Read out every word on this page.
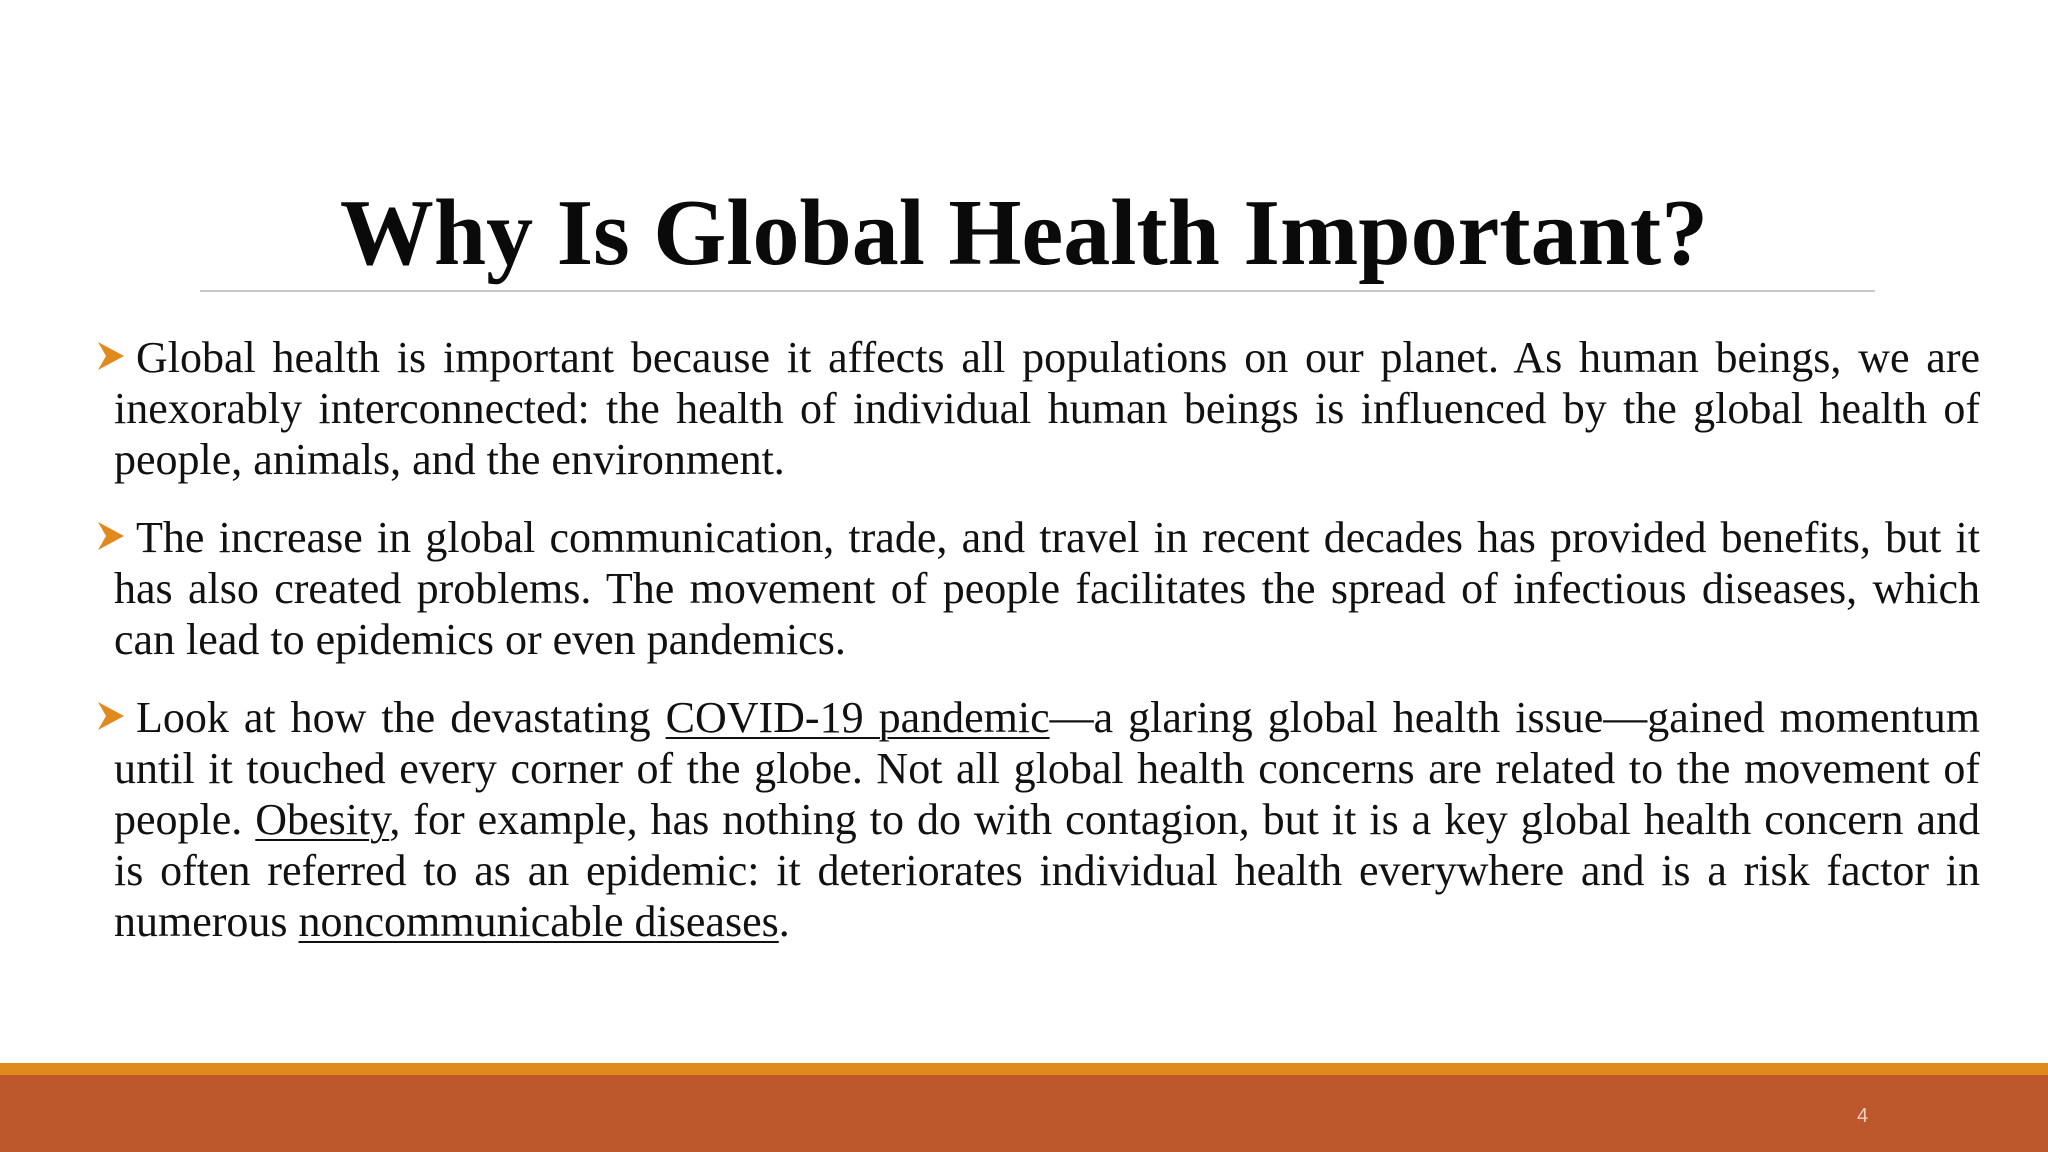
Why Is Global Health Important?

Global health is important because it affects all populations on our planet. As human beings, we are inexorably interconnected: the health of individual human beings is influenced by the global health of people, animals, and the environment.

The increase in global communication, trade, and travel in recent decades has provided benefits, but it has also created problems. The movement of people facilitates the spread of infectious diseases, which can lead to epidemics or even pandemics.

Look at how the devastating COVID-19 pandemic—a glaring global health issue—gained momentum until it touched every corner of the globe. Not all global health concerns are related to the movement of people. Obesity, for example, has nothing to do with contagion, but it is a key global health concern and is often referred to as an epidemic: it deteriorates individual health everywhere and is a risk factor in numerous noncommunicable diseases.

4
